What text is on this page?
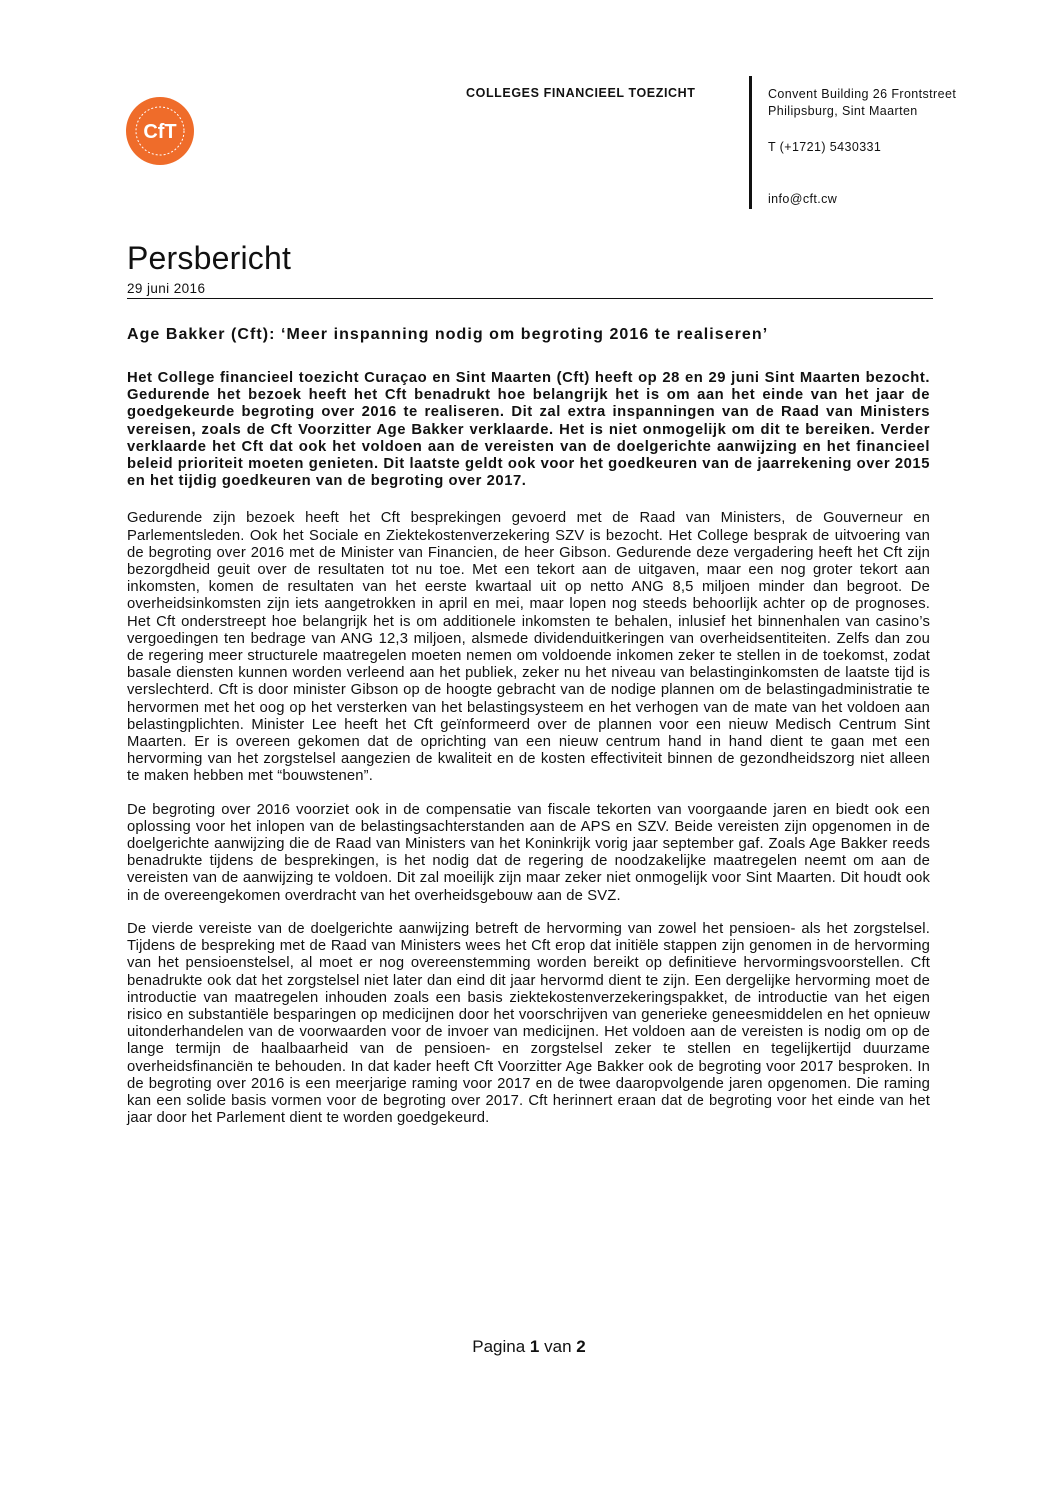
CfT
COLLEGES FINANCIEEL TOEZICHT	Convent Building 26 Frontstreet
Philipsburg, Sint Maarten
T (+1721) 5430331
info@cft.cw
Persbericht
29 juni 2016
Age Bakker (Cft): ‘Meer inspanning nodig om begroting 2016 te realiseren’

Het College financieel toezicht Curaçao en Sint Maarten (Cft) heeft op 28 en 29 juni Sint Maarten bezocht. Gedurende het bezoek heeft het Cft benadrukt hoe belangrijk het is om aan het einde van het jaar de goedgekeurde begroting over 2016 te realiseren. Dit zal extra inspanningen van de Raad van Ministers vereisen, zoals de Cft Voorzitter Age Bakker verklaarde. Het is niet onmogelijk om dit te bereiken. Verder verklaarde het Cft dat ook het voldoen aan de vereisten van de doelgerichte aanwijzing en het financieel beleid prioriteit moeten genieten. Dit laatste geldt ook voor het goedkeuren van de jaarrekening over 2015 en het tijdig goedkeuren van de begroting over 2017.

Gedurende zijn bezoek heeft het Cft besprekingen gevoerd met de Raad van Ministers, de Gouverneur en Parlementsleden. Ook het Sociale en Ziektekostenverzekering SZV is bezocht. Het College besprak de uitvoering van de begroting over 2016 met de Minister van Financien, de heer Gibson. Gedurende deze vergadering heeft het Cft zijn bezorgdheid geuit over de resultaten tot nu toe. Met een tekort aan de uitgaven, maar een nog groter tekort aan inkomsten, komen de resultaten van het eerste kwartaal uit op netto ANG 8,5 miljoen minder dan begroot. De overheidsinkomsten zijn iets aangetrokken in april en mei, maar lopen nog steeds behoorlijk achter op de prognoses. Het Cft onderstreept hoe belangrijk het is om additionele inkomsten te behalen, inlusief het binnenhalen van casino’s vergoedingen ten bedrage van ANG 12,3 miljoen, alsmede dividenduitkeringen van overheidsentiteiten. Zelfs dan zou de regering meer structurele maatregelen moeten nemen om voldoende inkomen zeker te stellen in de toekomst, zodat basale diensten kunnen worden verleend aan het publiek, zeker nu het niveau van belastinginkomsten de laatste tijd is verslechterd. Cft is door minister Gibson op de hoogte gebracht van de nodige plannen om de belastingadministratie te hervormen met het oog op het versterken van het belastingsysteem en het verhogen van de mate van het voldoen aan belastingplichten. Minister Lee heeft het Cft geïnformeerd over de plannen voor een nieuw Medisch Centrum Sint Maarten. Er is overeen gekomen dat de oprichting van een nieuw centrum hand in hand dient te gaan met een hervorming van het zorgstelsel aangezien de kwaliteit en de kosten effectiviteit binnen de gezondheidszorg niet alleen te maken hebben met “bouwstenen”.

De begroting over 2016 voorziet ook in de compensatie van fiscale tekorten van voorgaande jaren en biedt ook een oplossing voor het inlopen van de belastingsachterstanden aan de APS en SZV. Beide vereisten zijn opgenomen in de doelgerichte aanwijzing die de Raad van Ministers van het Koninkrijk vorig jaar september gaf. Zoals Age Bakker reeds benadrukte tijdens de besprekingen, is het nodig dat de regering de noodzakelijke maatregelen neemt om aan de vereisten van de aanwijzing te voldoen. Dit zal moeilijk zijn maar zeker niet onmogelijk voor Sint Maarten. Dit houdt ook in de overeengekomen overdracht van het overheidsgebouw aan de SVZ.

De vierde vereiste van de doelgerichte aanwijzing betreft de hervorming van zowel het pensioen- als het zorgstelsel. Tijdens de bespreking met de Raad van Ministers wees het Cft erop dat initiële stappen zijn genomen in de hervorming van het pensioenstelsel, al moet er nog overeenstemming worden bereikt op definitieve hervormingsvoorstellen. Cft benadrukte ook dat het zorgstelsel niet later dan eind dit jaar hervormd dient te zijn. Een dergelijke hervorming moet de introductie van maatregelen inhouden zoals een basis ziektekostenverzekeringspakket, de introductie van het eigen risico en substantiële besparingen op medicijnen door het voorschrijven van generieke geneesmiddelen en het opnieuw uitonderhandelen van de voorwaarden voor de invoer van medicijnen. Het voldoen aan de vereisten is nodig om op de lange termijn de haalbaarheid van de pensioen- en zorgstelsel zeker te stellen en tegelijkertijd duurzame overheidsfinanciën te behouden. In dat kader heeft Cft Voorzitter Age Bakker ook de begroting voor 2017 besproken. In de begroting over 2016 is een meerjarige raming voor 2017 en de twee daaropvolgende jaren opgenomen. Die raming kan een solide basis vormen voor de begroting over 2017. Cft herinnert eraan dat de begroting voor het einde van het jaar door het Parlement dient te worden goedgekeurd.

Pagina 1 van 2
